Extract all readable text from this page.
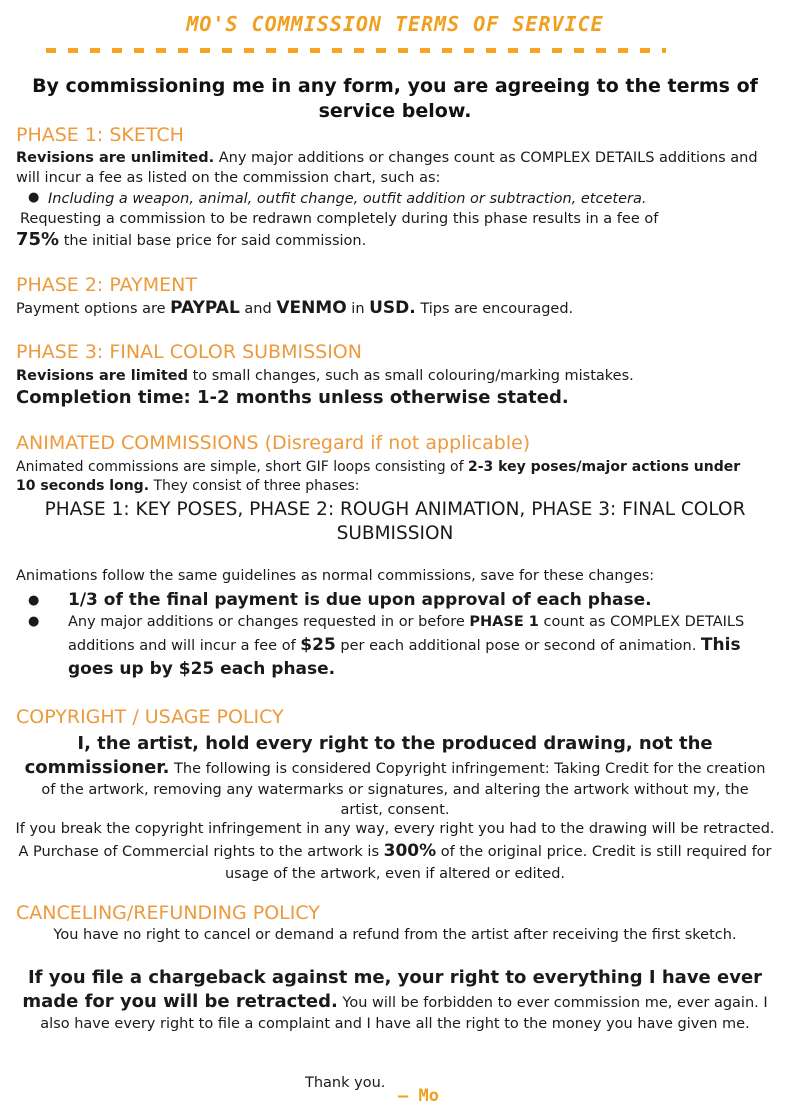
MO'S COMMISSION TERMS OF SERVICE
By commissioning me in any form, you are agreeing to the terms of service below.
PHASE 1: SKETCH
Revisions are unlimited. Any major additions or changes count as COMPLEX DETAILS additions and will incur a fee as listed on the commission chart, such as:
● Including a weapon, animal, outfit change, outfit addition or subtraction, etcetera.
Requesting a commission to be redrawn completely during this phase results in a fee of
75% the initial base price for said commission.
PHASE 2: PAYMENT
Payment options are PAYPAL and VENMO in USD. Tips are encouraged.
PHASE 3: FINAL COLOR SUBMISSION
Revisions are limited to small changes, such as small colouring/marking mistakes.
Completion time: 1-2 months unless otherwise stated.
ANIMATED COMMISSIONS (Disregard if not applicable)
Animated commissions are simple, short GIF loops consisting of 2-3 key poses/major actions under 10 seconds long. They consist of three phases:
PHASE 1: KEY POSES, PHASE 2: ROUGH ANIMATION, PHASE 3: FINAL COLOR SUBMISSION
Animations follow the same guidelines as normal commissions, save for these changes:
● 1/3 of the final payment is due upon approval of each phase.
● Any major additions or changes requested in or before PHASE 1 count as COMPLEX DETAILS additions and will incur a fee of $25 per each additional pose or second of animation. This goes up by $25 each phase.
COPYRIGHT / USAGE POLICY
I, the artist, hold every right to the produced drawing, not the commissioner. The following is considered Copyright infringement: Taking Credit for the creation of the artwork, removing any watermarks or signatures, and altering the artwork without my, the artist, consent.
If you break the copyright infringement in any way, every right you had to the drawing will be retracted. A Purchase of Commercial rights to the artwork is 300% of the original price. Credit is still required for usage of the artwork, even if altered or edited.
CANCELING/REFUNDING POLICY
You have no right to cancel or demand a refund from the artist after receiving the first sketch.
If you file a chargeback against me, your right to everything I have ever made for you will be retracted. You will be forbidden to ever commission me, ever again. I also have every right to file a complaint and I have all the right to the money you have given me.
Thank you.
— Mo
